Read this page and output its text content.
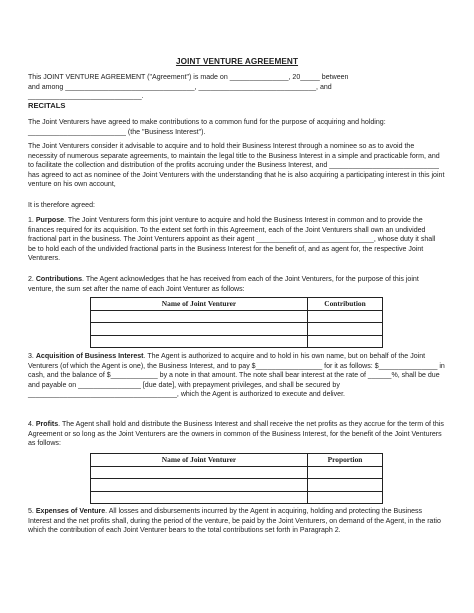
JOINT VENTURE AGREEMENT

This JOINT VENTURE AGREEMENT ("Agreement") is made on _______________, 20_____ between

and among _________________________________, ______________________________, and

_____________________________.

RECITALS

The Joint Venturers have agreed to make contributions to a common fund for the purpose of acquiring and holding: _________________________ (the "Business Interest").

The Joint Venturers consider it advisable to acquire and to hold their Business Interest through a nominee so as to avoid the necessity of numerous separate agreements, to maintain the legal title to the Business Interest in a simple and practicable form, and to facilitate the collection and distribution of the profits accruing under the Business Interest, and ____________________________ has agreed to act as nominee of the Joint Venturers with the understanding that he is also acquiring a participating interest in this joint venture on his own account,

It is therefore agreed:

1. Purpose. The Joint Venturers form this joint venture to acquire and hold the Business Interest in common and to provide the finances required for its acquisition. To the extent set forth in this Agreement, each of the Joint Venturers shall own an undivided fractional part in the business. The Joint Venturers appoint as their agent ______________________________, whose duty it shall be to hold each of the undivided fractional parts in the Business Interest for the benefit of, and as agent for, the respective Joint Venturers.

2. Contributions. The Agent acknowledges that he has received from each of the Joint Venturers, for the purpose of this joint venture, the sum set after the name of each Joint Venturer as follows:

Name of Joint Venturer	Contribution

3. Acquisition of Business Interest. The Agent is authorized to acquire and to hold in his own name, but on behalf of the Joint Venturers (of which the Agent is one), the Business Interest, and to pay $_________________ for it as follows: $_______________ in cash, and the balance of $____________ by a note in that amount. The note shall bear interest at the rate of ______%, shall be due and payable on ________________ [due date], with prepayment privileges, and shall be secured by ______________________________________, which the Agent is authorized to execute and deliver.

4. Profits. The Agent shall hold and distribute the Business Interest and shall receive the net profits as they accrue for the term of this Agreement or so long as the Joint Venturers are the owners in common of the Business Interest, for the benefit of the Joint Venturers as follows:

Name of Joint Venturer	Proportion

5. Expenses of Venture. All losses and disbursements incurred by the Agent in acquiring, holding and protecting the Business Interest and the net profits shall, during the period of the venture, be paid by the Joint Venturers, on demand of the Agent, in the ratio which the contribution of each Joint Venturer bears to the total contributions set forth in Paragraph 2.
